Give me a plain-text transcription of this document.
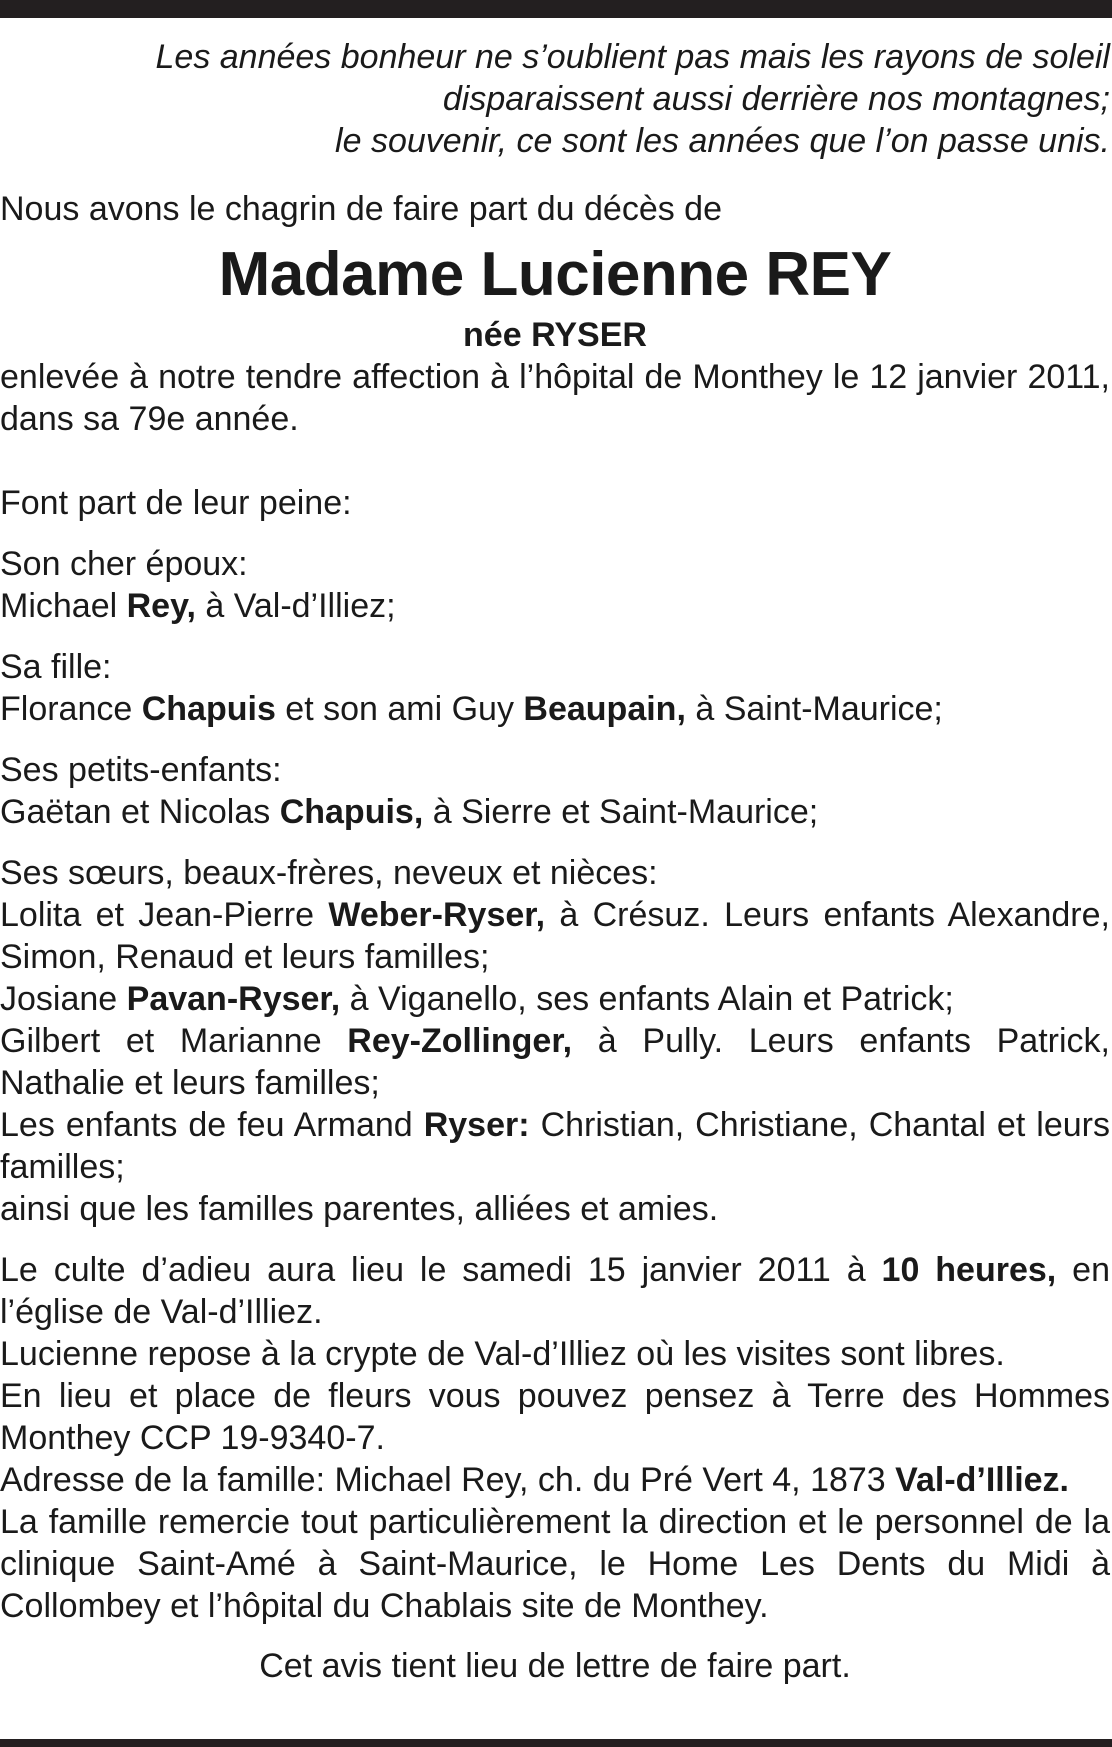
Les années bonheur ne s’oublient pas mais les rayons de soleil
disparaissent aussi derrière nos montagnes;
le souvenir, ce sont les années que l’on passe unis.
Nous avons le chagrin de faire part du décès de
Madame Lucienne REY
née RYSER
enlevée à notre tendre affection à l’hôpital de Monthey le 12 janvier 2011, dans sa 79e année.
Font part de leur peine:
Son cher époux:
Michael Rey, à Val-d’Illiez;
Sa fille:
Florance Chapuis et son ami Guy Beaupain, à Saint-Maurice;
Ses petits-enfants:
Gaëtan et Nicolas Chapuis, à Sierre et Saint-Maurice;
Ses sœurs, beaux-frères, neveux et nièces:
Lolita et Jean-Pierre Weber-Ryser, à Crésuz. Leurs enfants Alexandre, Simon, Renaud et leurs familles;
Josiane Pavan-Ryser, à Viganello, ses enfants Alain et Patrick;
Gilbert et Marianne Rey-Zollinger, à Pully. Leurs enfants Patrick, Nathalie et leurs familles;
Les enfants de feu Armand Ryser: Christian, Christiane, Chantal et leurs familles;
ainsi que les familles parentes, alliées et amies.
Le culte d’adieu aura lieu le samedi 15 janvier 2011 à 10 heures, en l’église de Val-d’Illiez.
Lucienne repose à la crypte de Val-d’Illiez où les visites sont libres.
En lieu et place de fleurs vous pouvez pensez à Terre des Hommes Monthey CCP 19-9340-7.
Adresse de la famille: Michael Rey, ch. du Pré Vert 4, 1873 Val-d’Illiez.
La famille remercie tout particulièrement la direction et le personnel de la clinique Saint-Amé à Saint-Maurice, le Home Les Dents du Midi à Collombey et l’hôpital du Chablais site de Monthey.
Cet avis tient lieu de lettre de faire part.
